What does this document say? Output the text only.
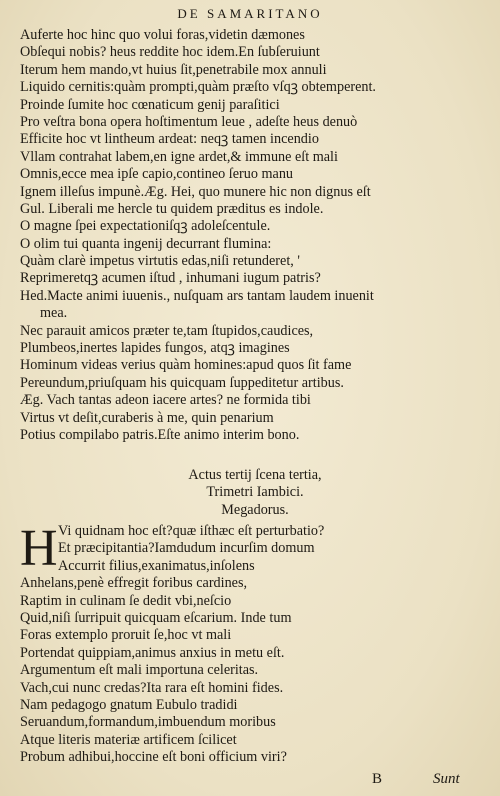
DE SAMARITANO
Auferte hoc hinc quo volui foras,videtin dæmones
Obſequi nobis? heus reddite hoc idem.En ſubſeruiunt
Iterum hem mando,vt huius ſit,penetrabile mox annuli
Liquido cernitis:quàm prompti,quàm præſto vſqꝫ obtemperent.
Proinde ſumite hoc cœnaticum genij paraſitici
Pro veſtra bona opera hoſtimentum leue , adeſte heus denuò
Efficite hoc vt lintheum ardeat: neqꝫ tamen incendio
Vllam contrahat labem,en igne ardet,& immune eſt mali
Omnis,ecce mea ipſe capio,contineo ſeruo manu
Ignem illeſus impunè.Æg. Hei, quo munere hic non dignus eſt
Gul. Liberali me hercle tu quidem præditus es indole.
O magne ſpei expectationiſqꝫ adoleſcentule.
O olim tui quanta ingenij decurrant flumina:
Quàm clarè impetus virtutis edas,niſi retunderet, '
Reprimeretqꝫ acumen iſtud , inhumani iugum patris?
Hed.Macte animi iuuenis., nuſquam ars tantam laudem inuenit
mea.
Nec parauit amicos præter te,tam ſtupidos,caudices,
Plumbeos,inertes lapides fungos, atqꝫ imagines
Hominum videas verius quàm homines:apud quos ſit fame
Pereundum,priuſquam his quicquam ſuppeditetur artibus.
Æg. Vach tantas adeon iacere artes? ne formida tibi
Virtus vt deſit,curaberis à me, quin penarium
Potius compilabo patris.Eſte animo interim bono.
Actus tertij ſcena tertia,
Trimetri Iambici.
Megadorus.
H Vi quidnam hoc eſt?quæ iſthæc eſt perturbatio?
Et præcipitantia?Iamdudum incurſim domum
Accurrit filius,exanimatus,inſolens
Anhelans,penè effregit foribus cardines,
Raptim in culinam ſe dedit vbi,neſcio
Quid,niſi ſurripuit quicquam eſcarium. Inde tum
Foras extemplo proruit ſe,hoc vt mali
Portendat quippiam,animus anxius in metu eſt.
Argumentum eſt mali importuna celeritas.
Vach,cui nunc credas?Ita rara eſt homini fides.
Nam pedagogo gnatum Eubulo tradidi
Seruandum,formandum,imbuendum moribus
Atque literis materiæ artificem ſcilicet
Probum adhibui,hoccine eſt boni officium viri?
B	Sunt
